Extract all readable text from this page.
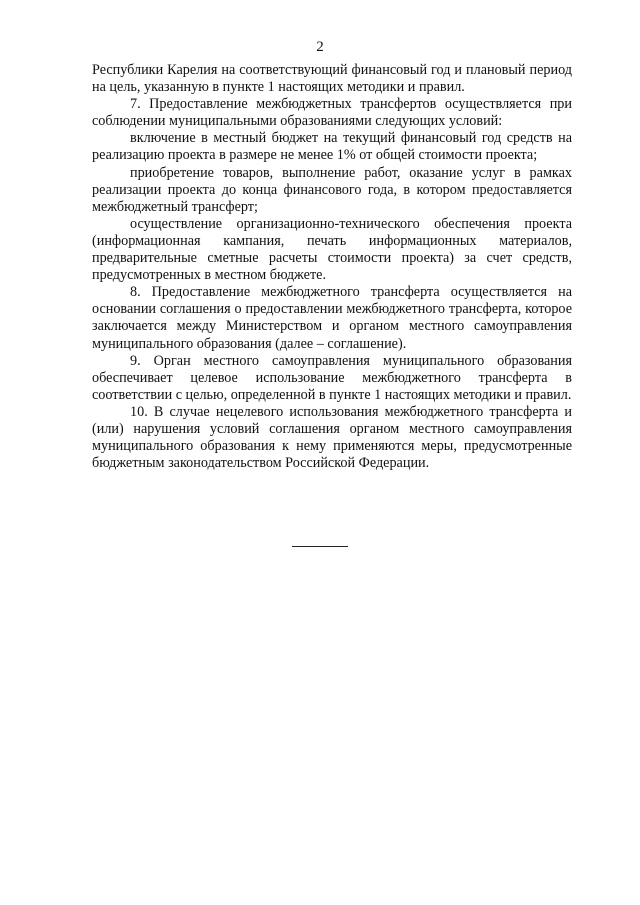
2

Республики Карелия на соответствующий финансовый год и плановый период на цель, указанную в пункте 1 настоящих методики и правил.

7. Предоставление межбюджетных трансфертов осуществляется при соблюдении муниципальными образованиями следующих условий:

включение в местный бюджет на текущий финансовый год средств на реализацию проекта в размере не менее 1% от общей стоимости проекта;

приобретение товаров, выполнение работ, оказание услуг в рамках реализации проекта до конца финансового года, в котором предоставляется межбюджетный трансферт;

осуществление организационно-технического обеспечения проекта (информационная кампания, печать информационных материалов, предварительные сметные расчеты стоимости проекта) за счет средств, предусмотренных в местном бюджете.

8. Предоставление межбюджетного трансферта осуществляется на основании соглашения о предоставлении межбюджетного трансферта, которое заключается между Министерством и органом местного самоуправления муниципального образования (далее – соглашение).

9. Орган местного самоуправления муниципального образования обеспечивает целевое использование межбюджетного трансферта в соответствии с целью, определенной в пункте 1 настоящих методики и правил.

10. В случае нецелевого использования межбюджетного трансферта и (или) нарушения условий соглашения органом местного самоуправления муниципального образования к нему применяются меры, предусмотренные бюджетным законодательством Российской Федерации.
